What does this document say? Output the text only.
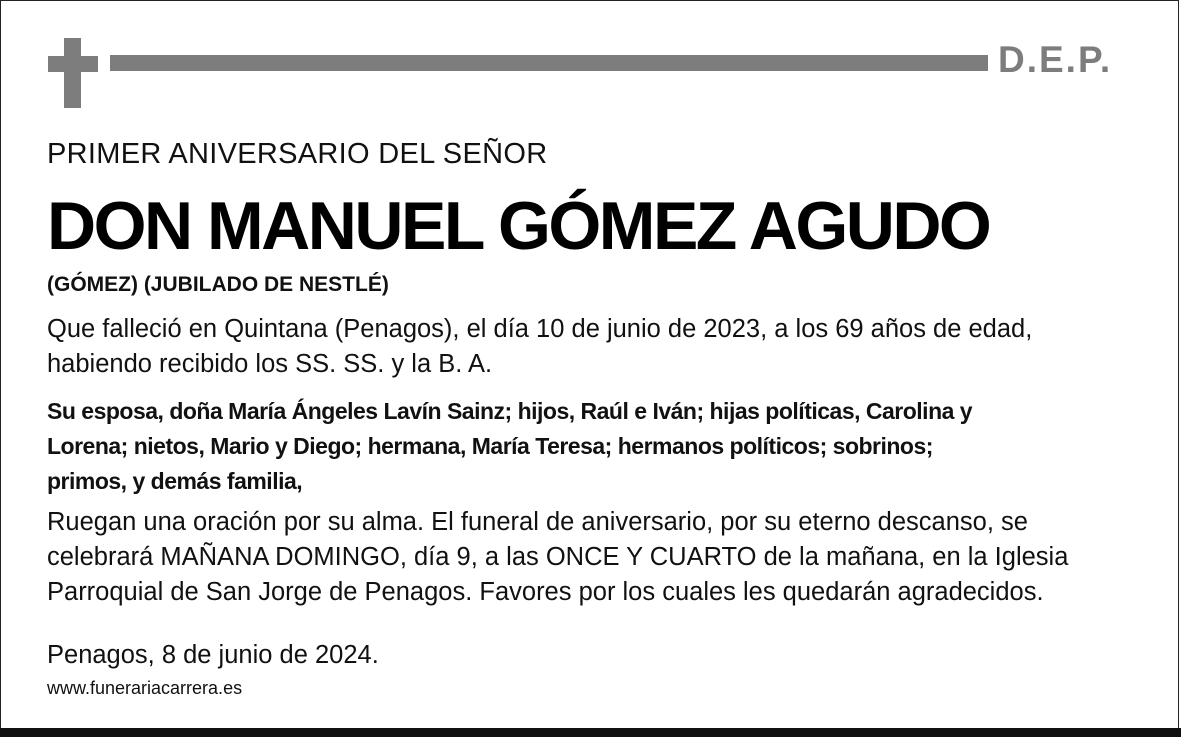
D.E.P.
PRIMER ANIVERSARIO DEL SEÑOR
DON MANUEL GÓMEZ AGUDO
(GÓMEZ) (JUBILADO DE NESTLÉ)
Que falleció en Quintana (Penagos), el día 10 de junio de 2023, a los 69 años de edad,
habiendo recibido los SS. SS. y la B. A.
Su esposa, doña María Ángeles Lavín Sainz; hijos, Raúl e Iván; hijas políticas, Carolina y
Lorena; nietos, Mario y Diego; hermana, María Teresa; hermanos políticos; sobrinos;
primos, y demás familia,
Ruegan una oración por su alma. El funeral de aniversario, por su eterno descanso, se
celebrará MAÑANA DOMINGO, día 9, a las ONCE Y CUARTO de la mañana, en la Iglesia
Parroquial de San Jorge de Penagos. Favores por los cuales les quedarán agradecidos.
Penagos, 8 de junio de 2024.
www.funerariacarrera.es
